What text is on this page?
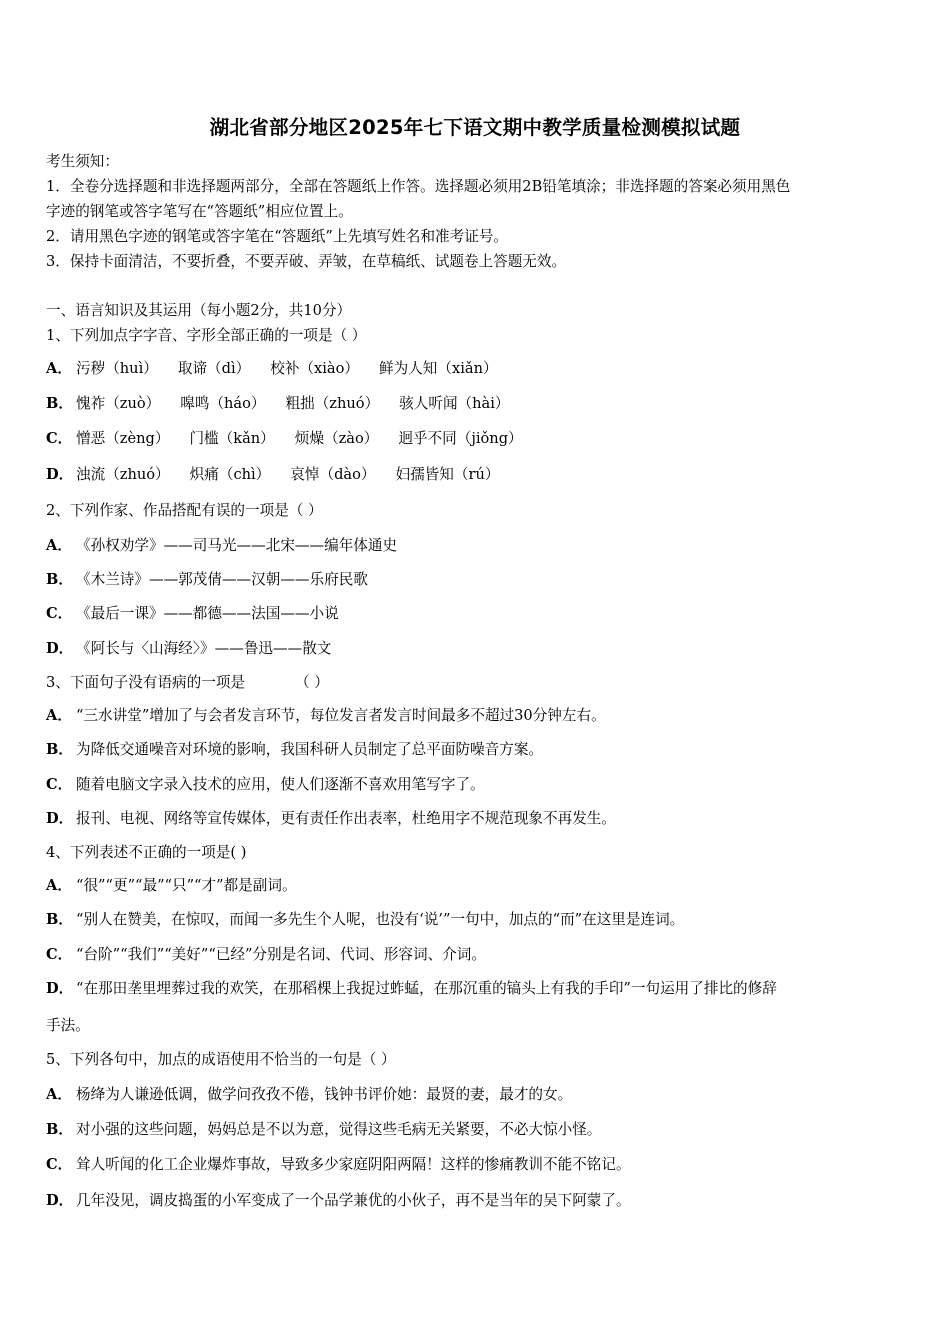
湖北省部分地区2025年七下语文期中教学质量检测模拟试题
考生须知：
1．全卷分选择题和非选择题两部分，全部在答题纸上作答。选择题必须用2B铅笔填涂；非选择题的答案必须用黑色
字迹的钢笔或答字笔写在“答题纸”相应位置上。
2．请用黑色字迹的钢笔或答字笔在“答题纸”上先填写姓名和准考证号。
3．保持卡面清洁，不要折叠，不要弄破、弄皱，在草稿纸、试题卷上答题无效。
一、语言知识及其运用（每小题2分，共10分）
1、下列加点字字音、字形全部正确的一项是（ ）
A． 污秽（huì） 取谛（dì） 校补（xiào） 鲜为人知（xiǎn）
B． 愧祚（zuò） 嗥鸣（háo） 粗拙（zhuó） 骇人听闻（hài）
C． 憎恶（zèng） 门槛（kǎn） 烦燥（zào） 迥乎不同（jiǒng）
D． 浊流（zhuó） 炽痛（chì） 哀悼（dào） 妇孺皆知（rú）
2、下列作家、作品搭配有误的一项是（ ）
A． 《孙权劝学》——司马光——北宋——编年体通史
B． 《木兰诗》——郭茂倩——汉朝——乐府民歌
C． 《最后一课》——都德——法国——小说
D． 《阿长与〈山海经〉》——鲁迅——散文
3、下面句子没有语病的一项是	（ ）
A． “三水讲堂”增加了与会者发言环节，每位发言者发言时间最多不超过30分钟左右。
B． 为降低交通噪音对环境的影响，我国科研人员制定了总平面防噪音方案。
C． 随着电脑文字录入技术的应用，使人们逐渐不喜欢用笔写字了。
D． 报刊、电视、网络等宣传媒体，更有责任作出表率，杜绝用字不规范现象不再发生。
4、下列表述不正确的一项是( )
A． “很”“更”“最”“只”“才”都是副词。
B． “别人在赞美，在惊叹，而闻一多先生个人呢，也没有‘说’”一句中，加点的“而”在这里是连词。
C． “台阶”“我们”“美好”“已经”分别是名词、代词、形容词、介词。
D． “在那田垄里埋葬过我的欢笑，在那稻棵上我捉过蚱蜢，在那沉重的镐头上有我的手印”一句运用了排比的修辞
手法。
5、下列各句中，加点的成语使用不恰当的一句是（ ）
A． 杨绛为人谦逊低调，做学问孜孜不倦，钱钟书评价她：最贤的妻，最才的女。
B． 对小强的这些问题，妈妈总是不以为意，觉得这些毛病无关紧要，不必大惊小怪。
C． 耸人听闻的化工企业爆炸事故，导致多少家庭阴阳两隔！这样的惨痛教训不能不铭记。
D． 几年没见，调皮捣蛋的小军变成了一个品学兼优的小伙子，再不是当年的吴下阿蒙了。
